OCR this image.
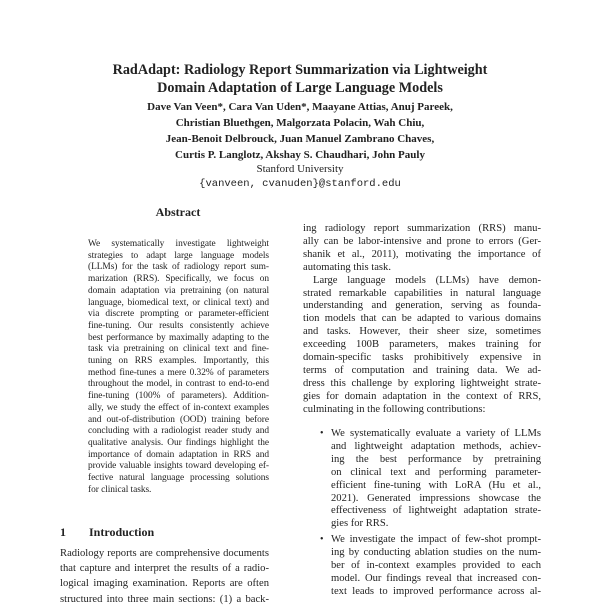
RadAdapt: Radiology Report Summarization via Lightweight
Domain Adaptation of Large Language Models
Dave Van Veen*, Cara Van Uden*, Maayane Attias, Anuj Pareek,
Christian Bluethgen, Malgorzata Polacin, Wah Chiu,
Jean-Benoit Delbrouck, Juan Manuel Zambrano Chaves,
Curtis P. Langlotz, Akshay S. Chaudhari, John Pauly
Stanford University
{vanveen, cvanuden}@stanford.edu
Abstract
We systematically investigate lightweight
strategies to adapt large language models
(LLMs) for the task of radiology report sum-
marization (RRS). Specifically, we focus on
domain adaptation via pretraining (on natural
language, biomedical text, or clinical text) and
via discrete prompting or parameter-efficient
fine-tuning. Our results consistently achieve
best performance by maximally adapting to the
task via pretraining on clinical text and fine-
tuning on RRS examples. Importantly, this
method fine-tunes a mere 0.32% of parameters
throughout the model, in contrast to end-to-end
fine-tuning (100% of parameters). Addition-
ally, we study the effect of in-context examples
and out-of-distribution (OOD) training before
concluding with a radiologist reader study and
qualitative analysis. Our findings highlight the
importance of domain adaptation in RRS and
provide valuable insights toward developing ef-
fective natural language processing solutions
for clinical tasks.
1 Introduction
Radiology reports are comprehensive documents
that capture and interpret the results of a radio-
logical imaging examination. Reports are often
structured into three main sections: (1) a back-
ing radiology report summarization (RRS) manu-
ally can be labor-intensive and prone to errors (Ger-
shanik et al., 2011), motivating the importance of
automating this task.
Large language models (LLMs) have demon-
strated remarkable capabilities in natural language
understanding and generation, serving as founda-
tion models that can be adapted to various domains
and tasks. However, their sheer size, sometimes
exceeding 100B parameters, makes training for
domain-specific tasks prohibitively expensive in
terms of computation and training data. We ad-
dress this challenge by exploring lightweight strate-
gies for domain adaptation in the context of RRS,
culminating in the following contributions:
• We systematically evaluate a variety of LLMs
and lightweight adaptation methods, achiev-
ing the best performance by pretraining
on clinical text and performing parameter-
efficient fine-tuning with LoRA (Hu et al.,
2021). Generated impressions showcase the
effectiveness of lightweight adaptation strate-
gies for RRS.
• We investigate the impact of few-shot prompt-
ing by conducting ablation studies on the num-
ber of in-context examples provided to each
model. Our findings reveal that increased con-
text leads to improved performance across al-
